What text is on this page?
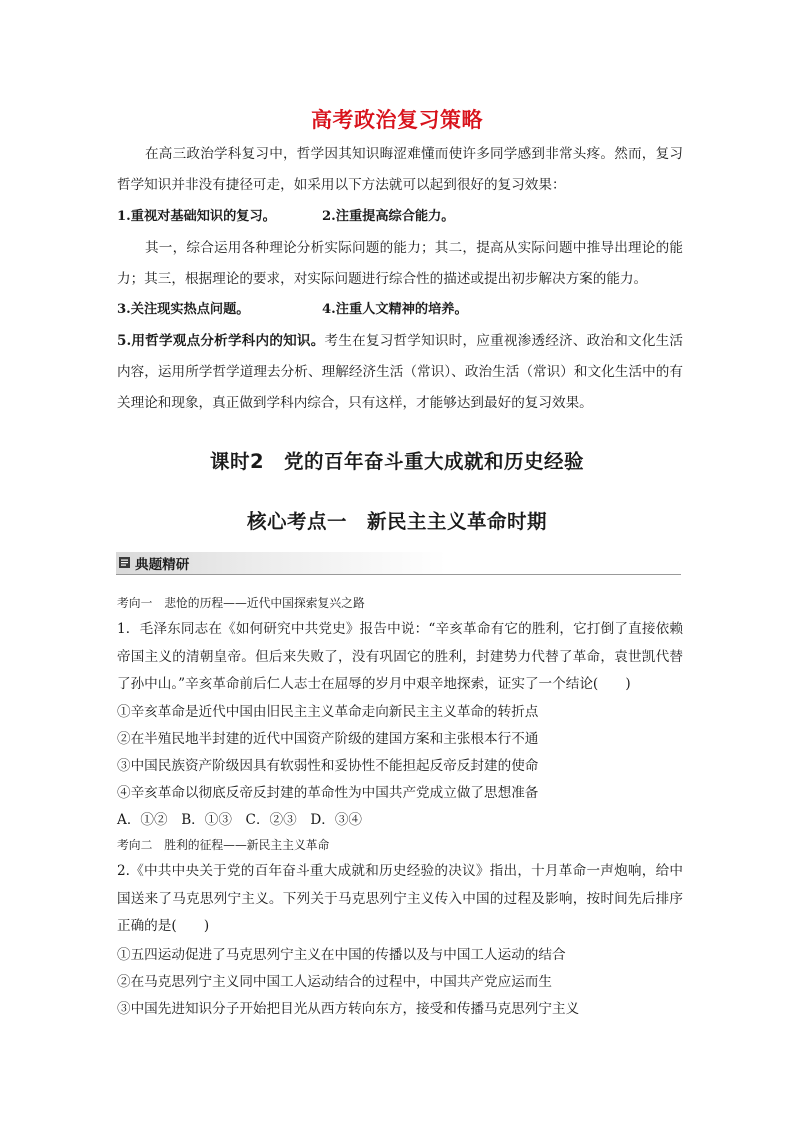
高考政治复习策略

在高三政治学科复习中，哲学因其知识晦涩难懂而使许多同学感到非常头疼。然而，复习哲学知识并非没有捷径可走，如采用以下方法就可以起到很好的复习效果：

1.重视对基础知识的复习。	2.注重提高综合能力。

其一，综合运用各种理论分析实际问题的能力；其二，提高从实际问题中推导出理论的能力；其三，根据理论的要求，对实际问题进行综合性的描述或提出初步解决方案的能力。

3.关注现实热点问题。	4.注重人文精神的培养。

5.用哲学观点分析学科内的知识。考生在复习哲学知识时，应重视渗透经济、政治和文化生活内容，运用所学哲学道理去分析、理解经济生活（常识）、政治生活（常识）和文化生活中的有关理论和现象，真正做到学科内综合，只有这样，才能够达到最好的复习效果。

课时2　党的百年奋斗重大成就和历史经验
核心考点一　新民主主义革命时期
典题精研
考向一　悲怆的历程——近代中国探索复兴之路

1．毛泽东同志在《如何研究中共党史》报告中说：“辛亥革命有它的胜利，它打倒了直接依赖帝国主义的清朝皇帝。但后来失败了，没有巩固它的胜利，封建势力代替了革命，袁世凯代替了孙中山。”辛亥革命前后仁人志士在屈辱的岁月中艰辛地探索，证实了一个结论(　　)

①辛亥革命是近代中国由旧民主主义革命走向新民主主义革命的转折点
②在半殖民地半封建的近代中国资产阶级的建国方案和主张根本行不通
③中国民族资产阶级因具有软弱性和妥协性不能担起反帝反封建的使命
④辛亥革命以彻底反帝反封建的革命性为中国共产党成立做了思想准备
A．①②　B．①③　C．②③　D．③④
考向二　胜利的征程——新民主主义革命

2.《中共中央关于党的百年奋斗重大成就和历史经验的决议》指出，十月革命一声炮响，给中国送来了马克思列宁主义。下列关于马克思列宁主义传入中国的过程及影响，按时间先后排序正确的是(　　)

①五四运动促进了马克思列宁主义在中国的传播以及与中国工人运动的结合
②在马克思列宁主义同中国工人运动结合的过程中，中国共产党应运而生
③中国先进知识分子开始把目光从西方转向东方，接受和传播马克思列宁主义
